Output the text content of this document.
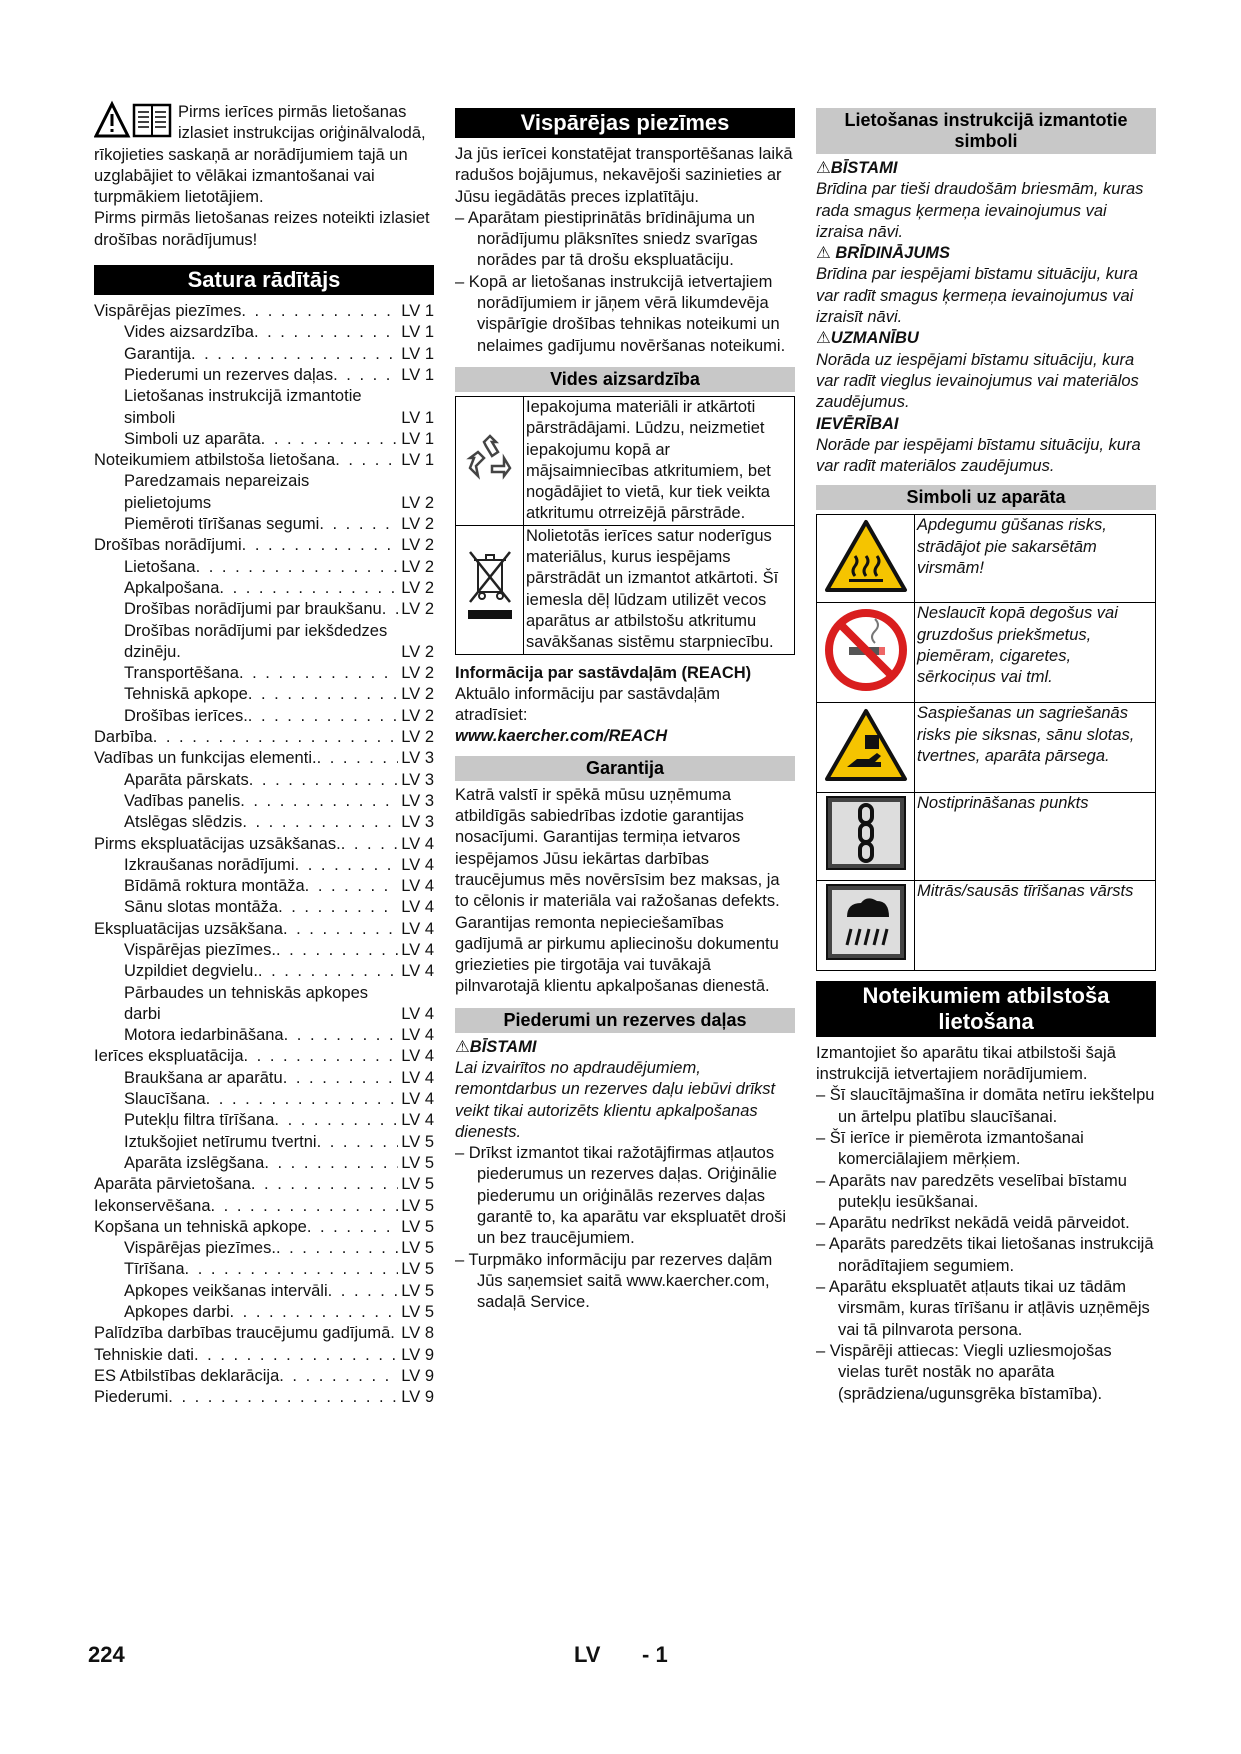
Pirms ierīces pirmās lietošanas izlasiet instrukcijas oriģinālvalodā, rīkojieties saskaņā ar norādījumiem tajā un uzglabājiet to vēlākai izmantošanai vai turpmākiem lietotājiem.

Pirms pirmās lietošanas reizes noteikti izlasiet drošības norādījumus!

Satura rādītājs
Vispārējas piezīmes . . .	LV 1
Vides aizsardzība . . .	LV 1
Garantija . . .	LV 1
Piederumi un rezerves daļas . . .	LV 1
Lietošanas instrukcijā izmantotie simboli	LV 1
Simboli uz aparāta . . .	LV 1
Noteikumiem atbilstoša lietošana . . .	LV 1
Paredzamais nepareizais pielietojums	LV 2
Piemēroti tīrīšanas segumi . . .	LV 2
Drošības norādījumi . . .	LV 2
Lietošana . . .	LV 2
Apkalpošana . . .	LV 2
Drošības norādījumi par braukšanu . . . LV 2
Drošības norādījumi par iekšdedzes dzinēju.	LV 2
Transportēšana . . .	LV 2
Tehniskā apkope . . .	LV 2
Drošības ierīces. . . .	LV 2
Darbība . . .	LV 2
Vadības un funkcijas elementi. . . .	LV 3
Aparāta pārskats . . .	LV 3
Vadības panelis . . .	LV 3
Atslēgas slēdzis . . .	LV 3
Pirms ekspluatācijas uzsākšanas. . . .	LV 4
Izkraušanas norādījumi . . .	LV 4
Bīdāmā roktura montāža . . .	LV 4
Sānu slotas montāža . . .	LV 4
Ekspluatācijas uzsākšana . . .	LV 4
Vispārējas piezīmes. . . .	LV 4
Uzpildiet degvielu. . . .	LV 4
Pārbaudes un tehniskās apkopes darbi	LV 4
Motora iedarbināšana . . .	LV 4
Ierīces ekspluatācija . . .	LV 4
Braukšana ar aparātu . . .	LV 4
Slaucīšana . . .	LV 4
Putekļu filtra tīrīšana . . .	LV 4
Iztukšojiet netīrumu tvertni . . .	LV 5
Aparāta izslēgšana . . .	LV 5
Aparāta pārvietošana . . .	LV 5
Iekonservēšana . . .	LV 5
Kopšana un tehniskā apkope . . .	LV 5
Vispārējas piezīmes. . . .	LV 5
Tīrīšana . . .	LV 5
Apkopes veikšanas intervāli . . .	LV 5
Apkopes darbi . . .	LV 5
Palīdzība darbības traucējumu gadījumā . . . LV 8
Tehniskie dati . . .	LV 9
ES Atbilstības deklarācija . . .	LV 9
Piederumi . . .	LV 9
Vispārējas piezīmes

Ja jūs ierīcei konstatējat transportēšanas laikā radušos bojājumus, nekavējoši sazinieties ar Jūsu iegādātās preces izplatītāju.

– Aparātam piestiprinātās brīdinājuma un norādījumu plāksnītes sniedz svarīgas norādes par tā drošu ekspluatāciju.

– Kopā ar lietošanas instrukcijā ietvertajiem norādījumiem ir jāņem vērā likumdevēja vispārīgie drošības tehnikas noteikumi un nelaimes gadījumu novēršanas noteikumi.

Vides aizsardzība
	Iepakojuma materiāli ir atkārtoti pārstrādājami. Lūdzu, neizmetiet iepakojumu kopā ar mājsaimniecības atkritumiem, bet nogādājiet to vietā, kur tiek veikta atkritumu otrreizējā pārstrāde.
	Nolietotās ierīces satur noderīgus materiālus, kurus iespējams pārstrādāt un izmantot atkārtoti. Šī iemesla dēļ lūdzam utilizēt vecos aparātus ar atbilstošu atkritumu savākšanas sistēmu starpniecību.

Informācija par sastāvdaļām (REACH)

Aktuālo informāciju par sastāvdaļām atradīsiet:

www.kaercher.com/REACH

Garantija

Katrā valstī ir spēkā mūsu uzņēmuma atbildīgās sabiedrības izdotie garantijas nosacījumi. Garantijas termiņa ietvaros iespējamos Jūsu iekārtas darbības traucējumus mēs novērsīsim bez maksas, ja to cēlonis ir materiāla vai ražošanas defekts. Garantijas remonta nepieciešamības gadījumā ar pirkumu apliecinošu dokumentu griezieties pie tirgotāja vai tuvākajā pilnvarotajā klientu apkalpošanas dienestā.

Piederumi un rezerves daļas

⚠BĪSTAMI

Lai izvairītos no apdraudējumiem, remontdarbus un rezerves daļu iebūvi drīkst veikt tikai autorizēts klientu apkalpošanas dienests.

– Drīkst izmantot tikai ražotājfirmas atļautos piederumus un rezerves daļas. Oriģinālie piederumu un oriģinālās rezerves daļas garantē to, ka aparātu var ekspluatēt droši un bez traucējumiem.

– Turpmāko informāciju par rezerves daļām Jūs saņemsiet saitā www.kaercher.com, sadaļā Service.

Lietošanas instrukcijā izmantotie simboli

⚠BĪSTAMI

Brīdina par tieši draudošām briesmām, kuras rada smagus ķermeņa ievainojumus vai izraisa nāvi.

⚠ BRĪDINĀJUMS

Brīdina par iespējami bīstamu situāciju, kura var radīt smagus ķermeņa ievainojumus vai izraisīt nāvi.

⚠UZMANĪBU

Norāda uz iespējami bīstamu situāciju, kura var radīt vieglus ievainojumus vai materiālos zaudējumus.

IEVĒRĪBAI

Norāde par iespējami bīstamu situāciju, kura var radīt materiālos zaudējumus.

Simboli uz aparāta
	Apdegumu gūšanas risks, strādājot pie sakarsētām virsmām!
	Neslaucīt kopā degošus vai gruzdošus priekšmetus, piemēram, cigaretes, sērkociņus vai tml.
	Saspiešanas un sagriešanās risks pie siksnas, sānu slotas, tvertnes, aparāta pārsega.
	Nostiprināšanas punkts
	Mitrās/sausās tīrīšanas vārsts
Noteikumiem atbilstoša lietošana

Izmantojiet šo aparātu tikai atbilstoši šajā instrukcijā ietvertajiem norādījumiem.

– Šī slaucītājmašīna ir domāta netīru iekštelpu un ārtelpu platību slaucīšanai.

– Šī ierīce ir piemērota izmantošanai komerciālajiem mērķiem.

– Aparāts nav paredzēts veselībai bīstamu putekļu iesūkšanai.

– Aparātu nedrīkst nekādā veidā pārveidot.

– Aparāts paredzēts tikai lietošanas instrukcijā norādītajiem segumiem.

– Aparātu ekspluatēt atļauts tikai uz tādām virsmām, kuras tīrīšanu ir atļāvis uzņēmējs vai tā pilnvarota persona.

– Vispārēji attiecas: Viegli uzliesmojošas vielas turēt nostāk no aparāta (sprādziena/ugunsgrēka bīstamība).

224	LV - 1
